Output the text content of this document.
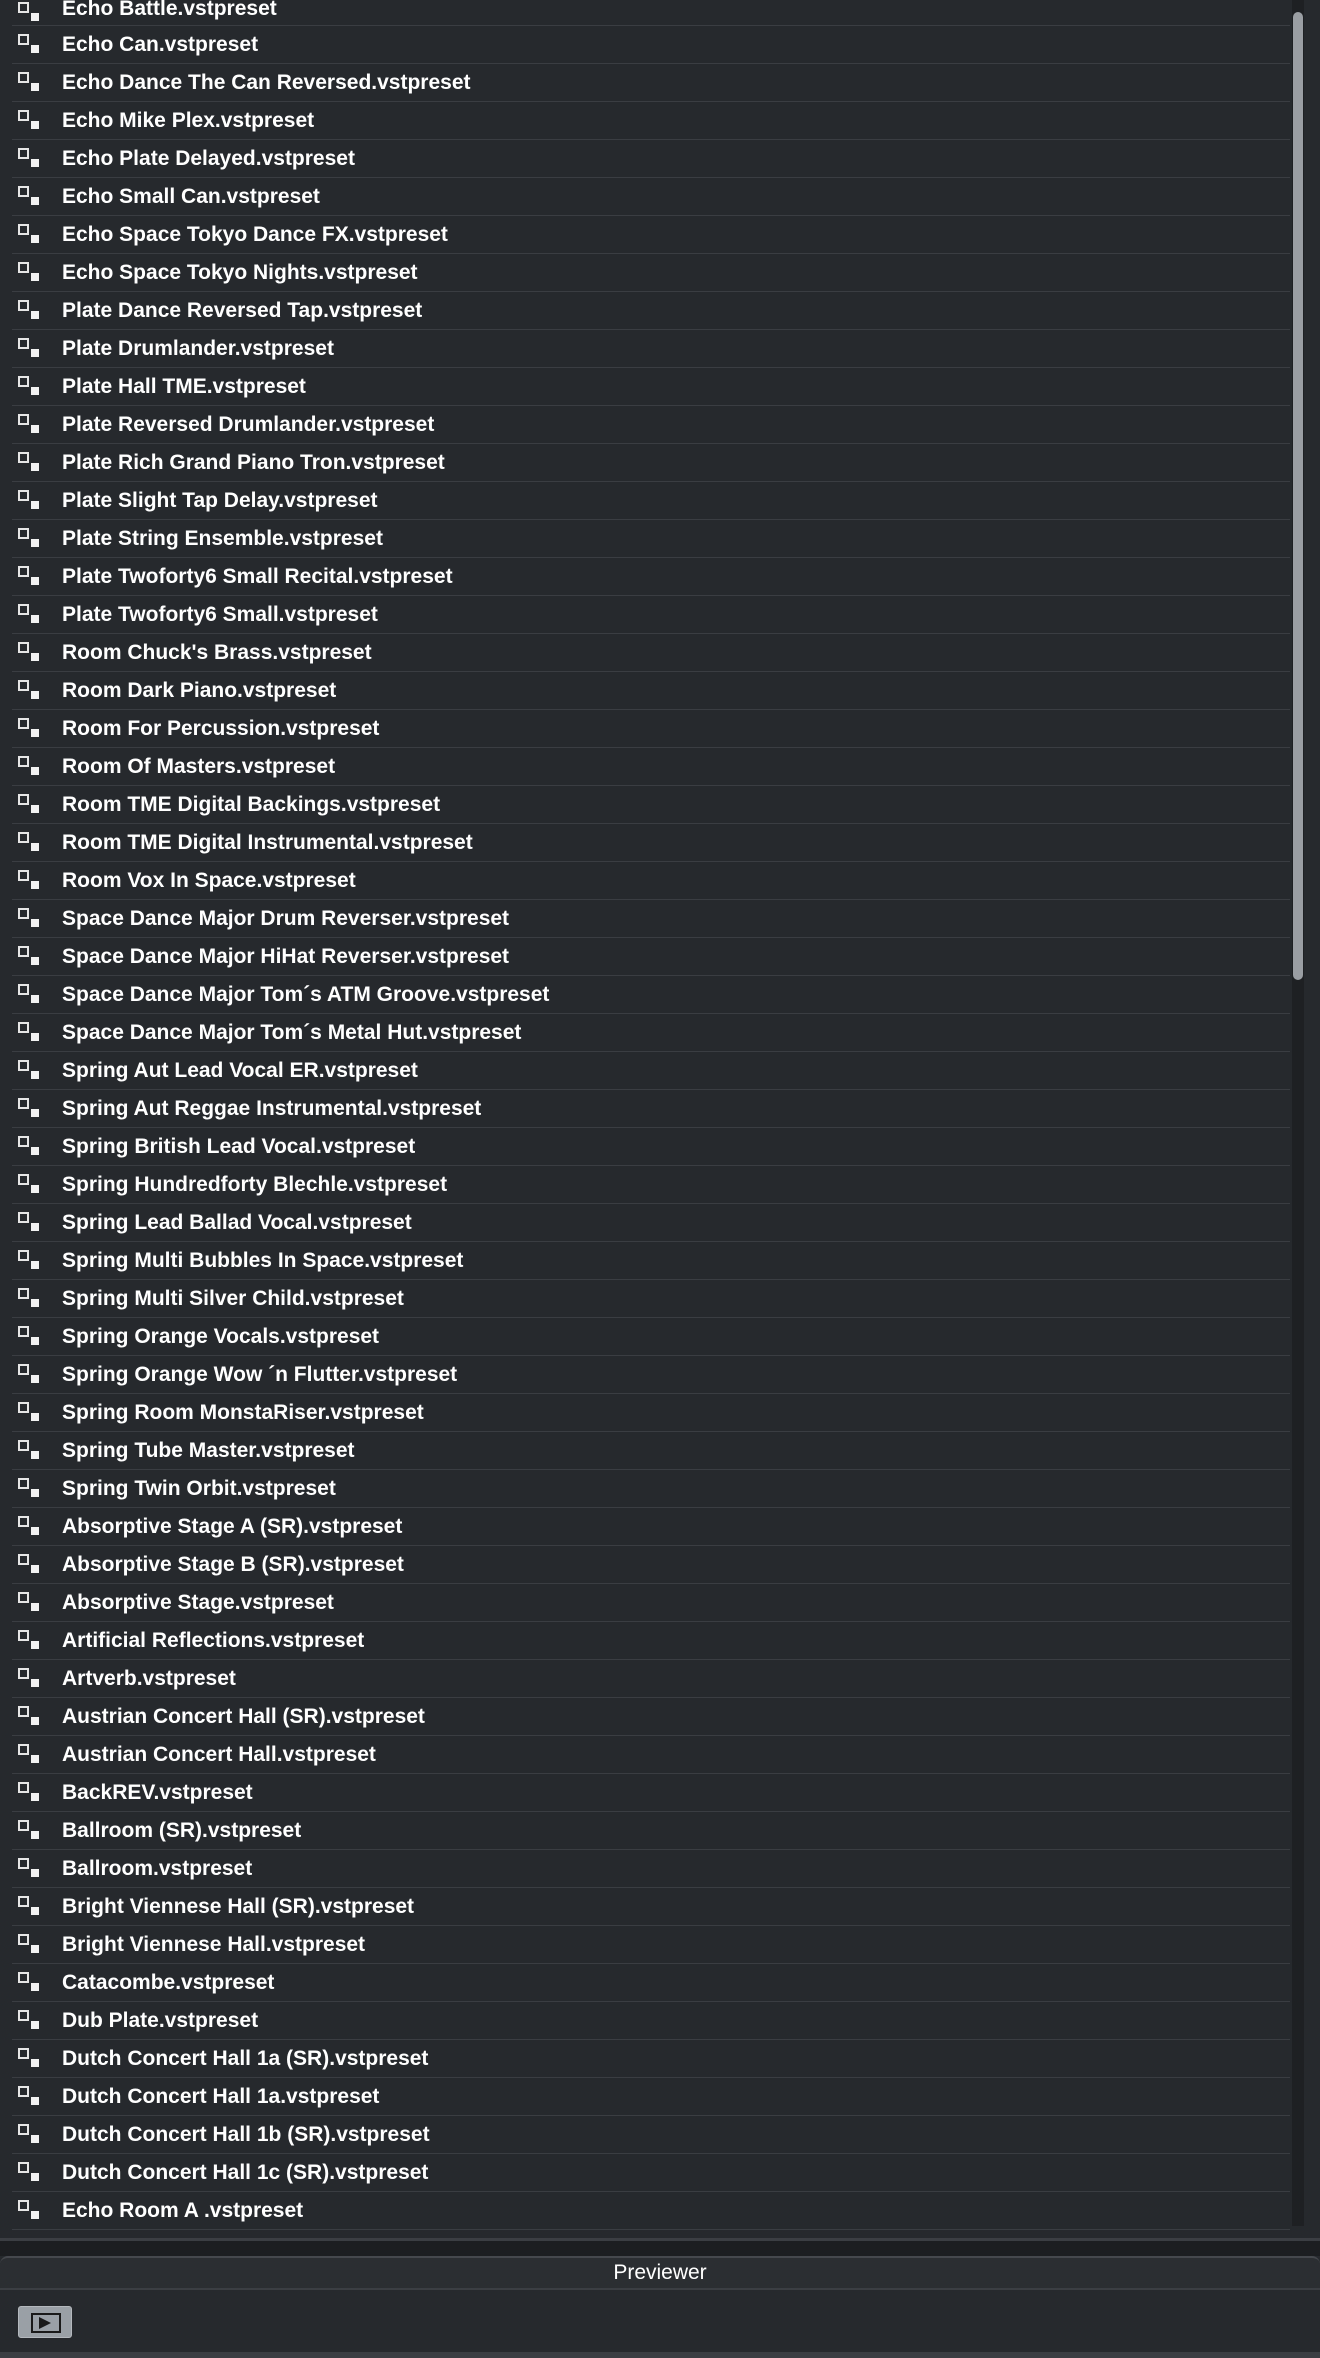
Echo Battle.vstpreset
Echo Can.vstpreset
Echo Dance The Can Reversed.vstpreset
Echo Mike Plex.vstpreset
Echo Plate Delayed.vstpreset
Echo Small Can.vstpreset
Echo Space Tokyo Dance FX.vstpreset
Echo Space Tokyo Nights.vstpreset
Plate Dance Reversed Tap.vstpreset
Plate Drumlander.vstpreset
Plate Hall TME.vstpreset
Plate Reversed Drumlander.vstpreset
Plate Rich Grand Piano Tron.vstpreset
Plate Slight Tap Delay.vstpreset
Plate String Ensemble.vstpreset
Plate Twoforty6 Small Recital.vstpreset
Plate Twoforty6 Small.vstpreset
Room Chuck's Brass.vstpreset
Room Dark Piano.vstpreset
Room For Percussion.vstpreset
Room Of Masters.vstpreset
Room TME Digital Backings.vstpreset
Room TME Digital Instrumental.vstpreset
Room Vox In Space.vstpreset
Space Dance Major Drum Reverser.vstpreset
Space Dance Major HiHat Reverser.vstpreset
Space Dance Major Tom´s ATM Groove.vstpreset
Space Dance Major Tom´s Metal Hut.vstpreset
Spring Aut Lead Vocal ER.vstpreset
Spring Aut Reggae Instrumental.vstpreset
Spring British Lead Vocal.vstpreset
Spring Hundredforty Blechle.vstpreset
Spring Lead Ballad Vocal.vstpreset
Spring Multi Bubbles In Space.vstpreset
Spring Multi Silver Child.vstpreset
Spring Orange Vocals.vstpreset
Spring Orange Wow ´n Flutter.vstpreset
Spring Room MonstaRiser.vstpreset
Spring Tube Master.vstpreset
Spring Twin Orbit.vstpreset
Absorptive Stage A (SR).vstpreset
Absorptive Stage B (SR).vstpreset
Absorptive Stage.vstpreset
Artificial Reflections.vstpreset
Artverb.vstpreset
Austrian Concert Hall (SR).vstpreset
Austrian Concert Hall.vstpreset
BackREV.vstpreset
Ballroom (SR).vstpreset
Ballroom.vstpreset
Bright Viennese Hall (SR).vstpreset
Bright Viennese Hall.vstpreset
Catacombe.vstpreset
Dub Plate.vstpreset
Dutch Concert Hall 1a (SR).vstpreset
Dutch Concert Hall 1a.vstpreset
Dutch Concert Hall 1b (SR).vstpreset
Dutch Concert Hall 1c (SR).vstpreset
Echo Room A .vstpreset
Previewer
